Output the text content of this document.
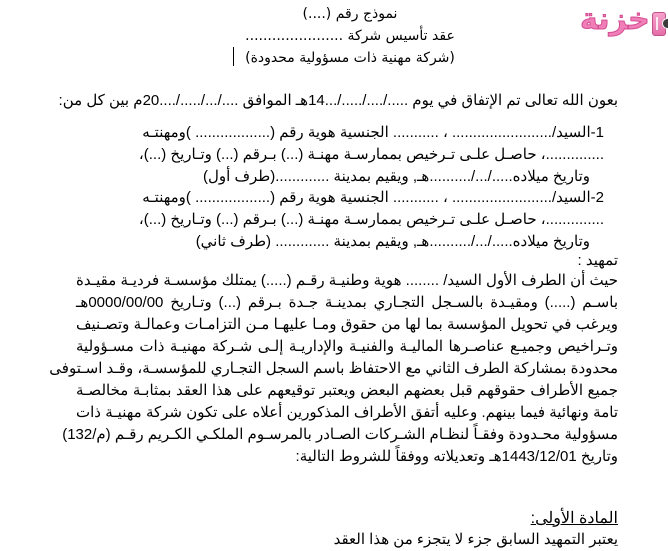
خزنة
نموذج رقم (....)
عقد تأسيس شركة ......................
(شركة مهنية ذات مسؤولية محدودة)
بعون الله تعالى تم الإتفاق في يوم ...../..../...../...14هـ الموافق ..../.../...../....20م بين كل من:
1-السيد/........................ ، ........... الجنسية هوية رقم (.................. )ومهنتـه
..............، حاصـل علـى تـرخيص بممارسـة مهنـة (...) بـرقم (...) وتـاريخ (...)،
وتاريخ ميلاده...../.../..........هـ, ويقيم بمدينة .............(طرف أول)
2-السيد/........................ ، ........... الجنسية هوية رقم (.................. )ومهنتـه
..............، حاصـل علـى تـرخيص بممارسـة مهنـة (...) بـرقم (...) وتـاريخ (...)،
وتاريخ ميلاده...../.../..........هـ, ويقيم بمدينة ............. (طرف ثاني)
تمهيد :
حيث أن الطرف الأول السيد/ ........ هوية وطنيـة رقـم (.....) يمتلك مؤسسـة فرديـة مقيـدة
باسـم (.....) ومقيـدة بالسـجل التجـاري بمدينـة جـدة بـرقم (...) وتـاريخ 0000/00/00هـ
ويرغب في تحويل المؤسسة بما لها من حقوق ومـا عليهـا مـن التزامـات وعمالـة وتصـنيف
وتـراخيص وجميـع عناصـرها الماليـة والفنيـة والإداريـة إلـى شـركة مهنيـة ذات مسـؤولية
محدودة بمشاركة الطرف الثاني مع الاحتفاظ باسم السجل التجـاري للمؤسسـة، وقـد اسـتوفى
جميع الأطراف حقوقهم قبل بعضهم البعض ويعتبر توقيعهم على هذا العقد بمثابـة مخالصـة
تامة ونهائية فيما بينهم. وعليه أتفق الأطراف المذكورين أعلاه على تكون شركة مهنيـة ذات
مسؤولية محـدودة وفقـاً لنظـام الشـركات الصـادر بالمرسـوم الملكـي الكـريم رقـم (م/132)
وتاريخ 1443/12/01هـ وتعديلاته ووفقاً للشروط التالية:
المادة الأولى:
يعتبر التمهيد السابق جزء لا يتجزء من هذا العقد
